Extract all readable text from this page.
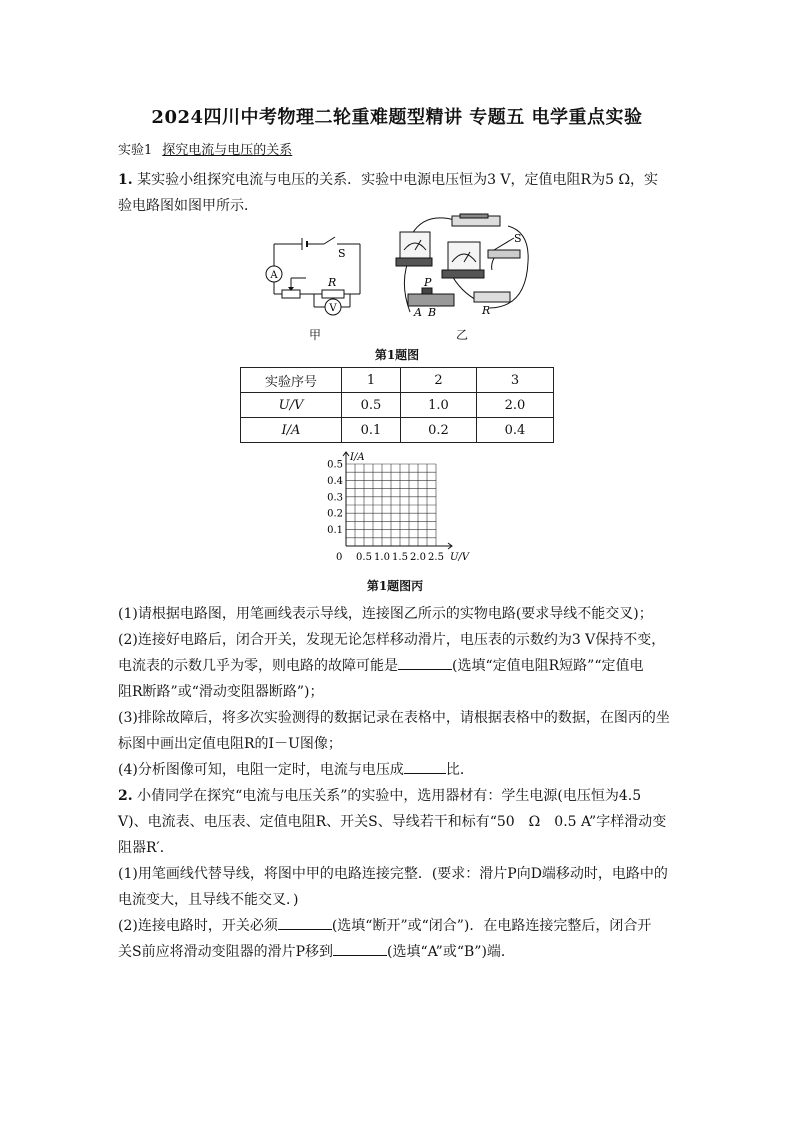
2024四川中考物理二轮重难题型精讲 专题五 电学重点实验
实验1 探究电流与电压的关系
1. 某实验小组探究电流与电压的关系．实验中电源电压恒为3 V，定值电阻R为5 Ω，实
验电路图如图甲所示．
A
S
R
V
甲
S
P
A B	R
乙
第1题图
实验序号	1	2	3
U/V	0.5	1.0	2.0
I/A	0.1	0.2	0.4
I/A
U/V
0
0.1
0.2
0.3
0.4
0.5
0.5 1.0 1.5 2.0 2.5
第1题图丙
(1)请根据电路图，用笔画线表示导线，连接图乙所示的实物电路(要求导线不能交叉)；
(2)连接好电路后，闭合开关，发现无论怎样移动滑片，电压表的示数约为3 V保持不变，
电流表的示数几乎为零，则电路的故障可能是	(选填“定值电阻R短路”“定值电
阻R断路”或“滑动变阻器断路”)；
(3)排除故障后，将多次实验测得的数据记录在表格中，请根据表格中的数据，在图丙的坐
标图中画出定值电阻R的I－U图像；
(4)分析图像可知，电阻一定时，电流与电压成	比．
2. 小倩同学在探究“电流与电压关系”的实验中，选用器材有：学生电源(电压恒为4.5
V)、电流表、电压表、定值电阻R、开关S、导线若干和标有“50　Ω　0.5 A”字样滑动变
阻器R′．
(1)用笔画线代替导线，将图中甲的电路连接完整．(要求：滑片P向D端移动时，电路中的
电流变大，且导线不能交叉．)
(2)连接电路时，开关必须	(选填“断开”或“闭合”)．在电路连接完整后，闭合开
关S前应将滑动变阻器的滑片P移到	(选填“A”或“B”)端．
